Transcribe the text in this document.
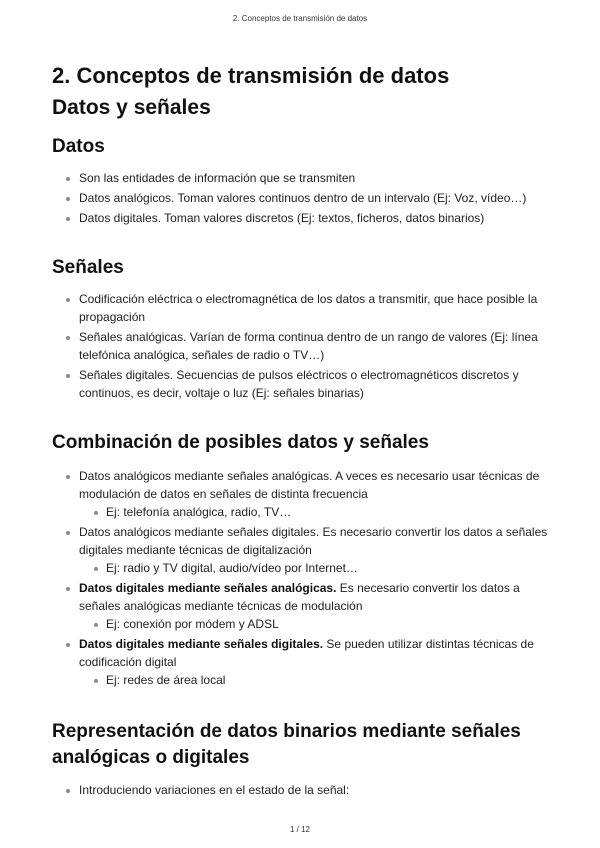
2. Conceptos de transmisión de datos
2. Conceptos de transmisión de datos
Datos y señales
Datos
Son las entidades de información que se transmiten
Datos analógicos. Toman valores continuos dentro de un intervalo (Ej: Voz, vídeo…)
Datos digitales. Toman valores discretos (Ej: textos, ficheros, datos binarios)
Señales
Codificación eléctrica o electromagnética de los datos a transmitir, que hace posible la propagación
Señales analógicas. Varían de forma continua dentro de un rango de valores (Ej: línea telefónica analógica, señales de radio o TV…)
Señales digitales. Secuencias de pulsos eléctricos o electromagnéticos discretos y continuos, es decir, voltaje o luz (Ej: señales binarias)
Combinación de posibles datos y señales
Datos analógicos mediante señales analógicas. A veces es necesario usar técnicas de modulación de datos en señales de distinta frecuencia
Ej: telefonía analógica, radio, TV…
Datos analógicos mediante señales digitales. Es necesario convertir los datos a señales digitales mediante técnicas de digitalización
Ej: radio y TV digital, audio/vídeo por Internet…
Datos digitales mediante señales analógicas. Es necesario convertir los datos a señales analógicas mediante técnicas de modulación
Ej: conexión por módem y ADSL
Datos digitales mediante señales digitales. Se pueden utilizar distintas técnicas de codificación digital
Ej: redes de área local
Representación de datos binarios mediante señales analógicas o digitales
Introduciendo variaciones en el estado de la señal:
1 / 12
